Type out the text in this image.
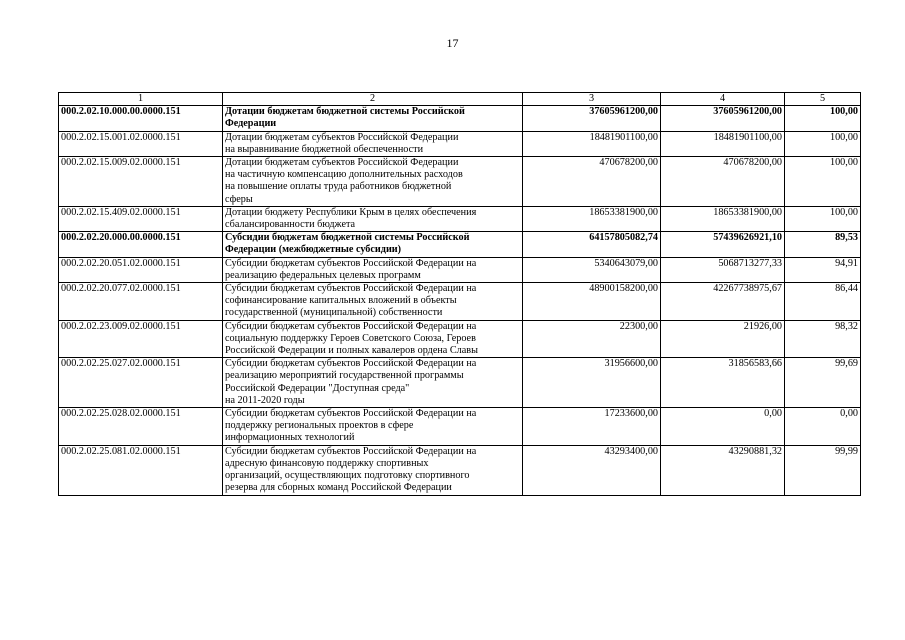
17
1	2	3	4	5
000.2.02.10.000.00.0000.151	Дотации бюджетам бюджетной системы Российской
Федерации	37605961200,00	37605961200,00	100,00
000.2.02.15.001.02.0000.151	Дотации бюджетам субъектов Российской Федерации
на выравнивание бюджетной обеспеченности	18481901100,00	18481901100,00	100,00
000.2.02.15.009.02.0000.151	Дотации бюджетам субъектов Российской Федерации
на частичную компенсацию дополнительных расходов
на повышение оплаты труда работников бюджетной
сферы	470678200,00	470678200,00	100,00
000.2.02.15.409.02.0000.151	Дотации бюджету Республики Крым в целях обеспечения
сбалансированности бюджета	18653381900,00	18653381900,00	100,00
000.2.02.20.000.00.0000.151	Субсидии бюджетам бюджетной системы Российской
Федерации (межбюджетные субсидии)	64157805082,74	57439626921,10	89,53
000.2.02.20.051.02.0000.151	Субсидии бюджетам субъектов Российской Федерации на
реализацию федеральных целевых программ	5340643079,00	5068713277,33	94,91
000.2.02.20.077.02.0000.151	Субсидии бюджетам субъектов Российской Федерации на
софинансирование капитальных вложений в объекты
государственной (муниципальной) собственности	48900158200,00	42267738975,67	86,44
000.2.02.23.009.02.0000.151	Субсидии бюджетам субъектов Российской Федерации на
социальную поддержку Героев Советского Союза, Героев
Российской Федерации и полных кавалеров ордена Славы	22300,00	21926,00	98,32
000.2.02.25.027.02.0000.151	Субсидии бюджетам субъектов Российской Федерации на
реализацию мероприятий государственной программы
Российской Федерации "Доступная среда"
на 2011-2020 годы	31956600,00	31856583,66	99,69
000.2.02.25.028.02.0000.151	Субсидии бюджетам субъектов Российской Федерации на
поддержку региональных проектов в сфере
информационных технологий	17233600,00	0,00	0,00
000.2.02.25.081.02.0000.151	Субсидии бюджетам субъектов Российской Федерации на
адресную финансовую поддержку спортивных
организаций, осуществляющих подготовку спортивного
резерва для сборных команд Российской Федерации	43293400,00	43290881,32	99,99
